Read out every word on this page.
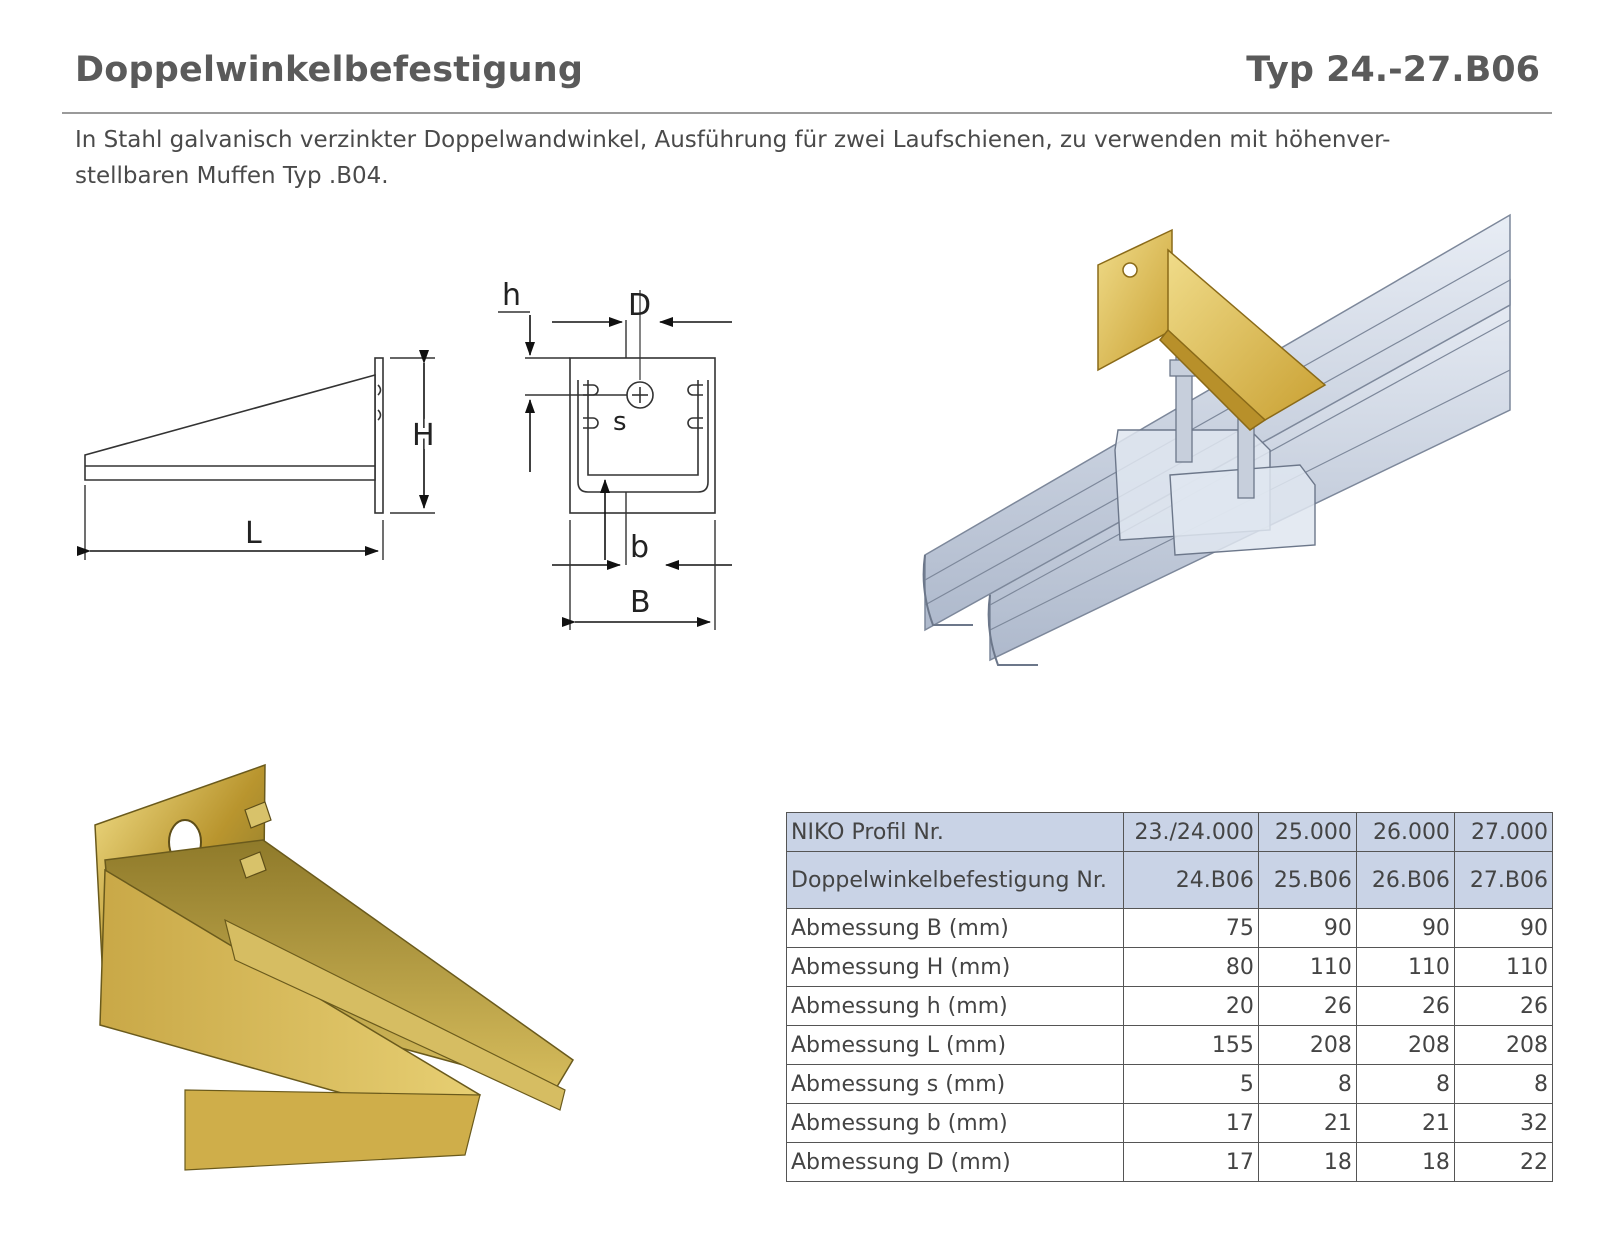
Doppelwinkelbefestigung	Typ 24.-27.B06
In Stahl galvanisch verzinkter Doppelwandwinkel, Ausführung für zwei Laufschienen, zu verwenden mit höhenver-
stellbaren Muffen Typ .B04.
L
H
D
h
s
b
B
NIKO Profil Nr.	23./24.000	25.000	26.000	27.000
Doppelwinkelbefestigung Nr.	24.B06	25.B06	26.B06	27.B06
Abmessung B (mm)	75	90	90	90
Abmessung H (mm)	80	110	110	110
Abmessung h (mm)	20	26	26	26
Abmessung L (mm)	155	208	208	208
Abmessung s (mm)	5	8	8	8
Abmessung b (mm)	17	21	21	32
Abmessung D (mm)	17	18	18	22
